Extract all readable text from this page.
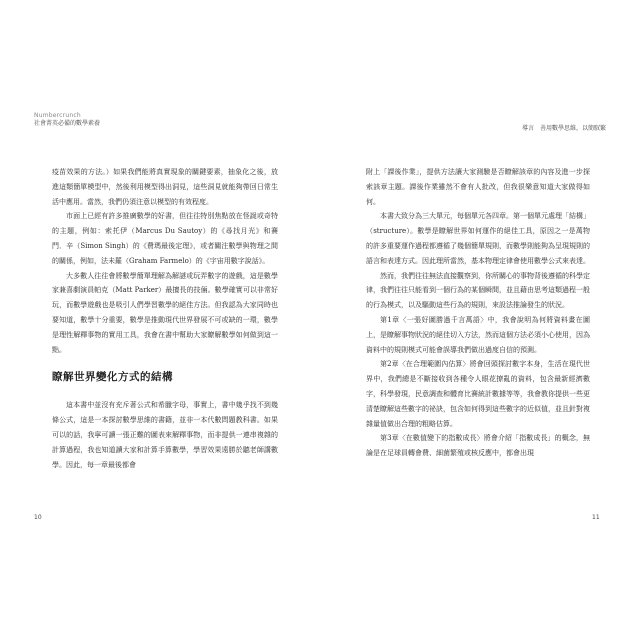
Numbercrunch
社會菁英必備的數學素養
導言　善用數學思維，以簡馭繁

疫苗效果的方法。）如果我們能將真實現象的關鍵要素，抽象化之後，放進這類簡單模型中，然後利用模型得出洞見，這些洞見就能夠帶回日常生活中應用。當然，我們仍須注意以模型的有效程度。

市面上已經有許多推廣數學的好書，但往往特別焦點放在怪誕或奇特的主題，例如：索托伊（Marcus Du Sautoy）的《尋找月光》和賽門．辛（Simon Singh）的《費瑪最後定理》，或者關注數學與物理之間的關係，例如，法未羅（Graham Farmelo）的《宇宙用數字說話》。

大多數人往往會將數學簡單理解為解謎或玩弄數字的遊戲，這是數學家兼喜劇演員帕克（Matt Parker）最擅長的技倆。數學確實可以非常好玩，而數學遊戲也是吸引人們學習數學的絕佳方法。但我認為大家同時也要知道，數學十分重要，數學是推動現代世界發展不可或缺的一環，數學是理性解釋事物的實用工具，我會在書中幫助大家瞭解數學如何做到這一點。

瞭解世界變化方式的結構

這本書中並沒有充斥著公式和希臘字母，事實上，書中幾乎找不到幾條公式，這是一本探討數學思維的書籍，並非一本代數問題教科書。如果可以的話，我寧可讀一張正難的圖表來解釋事物，而非提供一連串複雜的計算過程，我也知道讀大家和計算手算數學，學習效果遠勝於聽老師講數學。因此，每一章最後都會

10

附上「課後作業」，提供方法讓大家測驗是否瞭解該章的內容及進一步探索該章主題。課後作業雖然不會有人批改，但我很樂意知道大家做得如何。

本書大致分為三大單元，每個單元各四章。第一個單元處理「結構」（structure）。數學是瞭解世界如何運作的絕佳工具，原因之一是萬物的許多重要運作過程都遵循了幾個簡單規則，而數學則能夠為呈現規則的語言和表達方式。因此理所當然，基本物理定律會使用數學公式來表達。

然而，我們往往無法直接觀察到，你所關心的事物背後遵循的科學定律，我們往往只能看到一個行為的某個瞬間，並且藉由思考這類過程一般的行為模式，以及驅動這些行為的規則，來設法推論發生的狀況。

第1章〈一張好圖勝過千言萬語〉中，我會說明為何將資料畫在圖上，是瞭解事物狀況的絕佳切入方法，然而這個方法必須小心使用，因為資料中的規則模式可能會誤導我們做出過度自信的預測。

第2章〈在合理範圍內估算〉將會回頭探討數字本身，生活在現代世界中，我們總是不斷接收到各種令人眼花撩亂的資料，包含最新經濟數字，科學發現，民意調查和體育比賽統計數據等等，我會教你提供一些更清楚瞭解這些數字的祕訣，包含如何得到這些數字的近似值，並且針對複雜量值做出合理的粗略估算。

第3章〈在數值變下的指數成長〉將會介紹「指數成長」的概念，無論是在足球員轉會費、細菌繁殖或核反應中，都會出現

11
